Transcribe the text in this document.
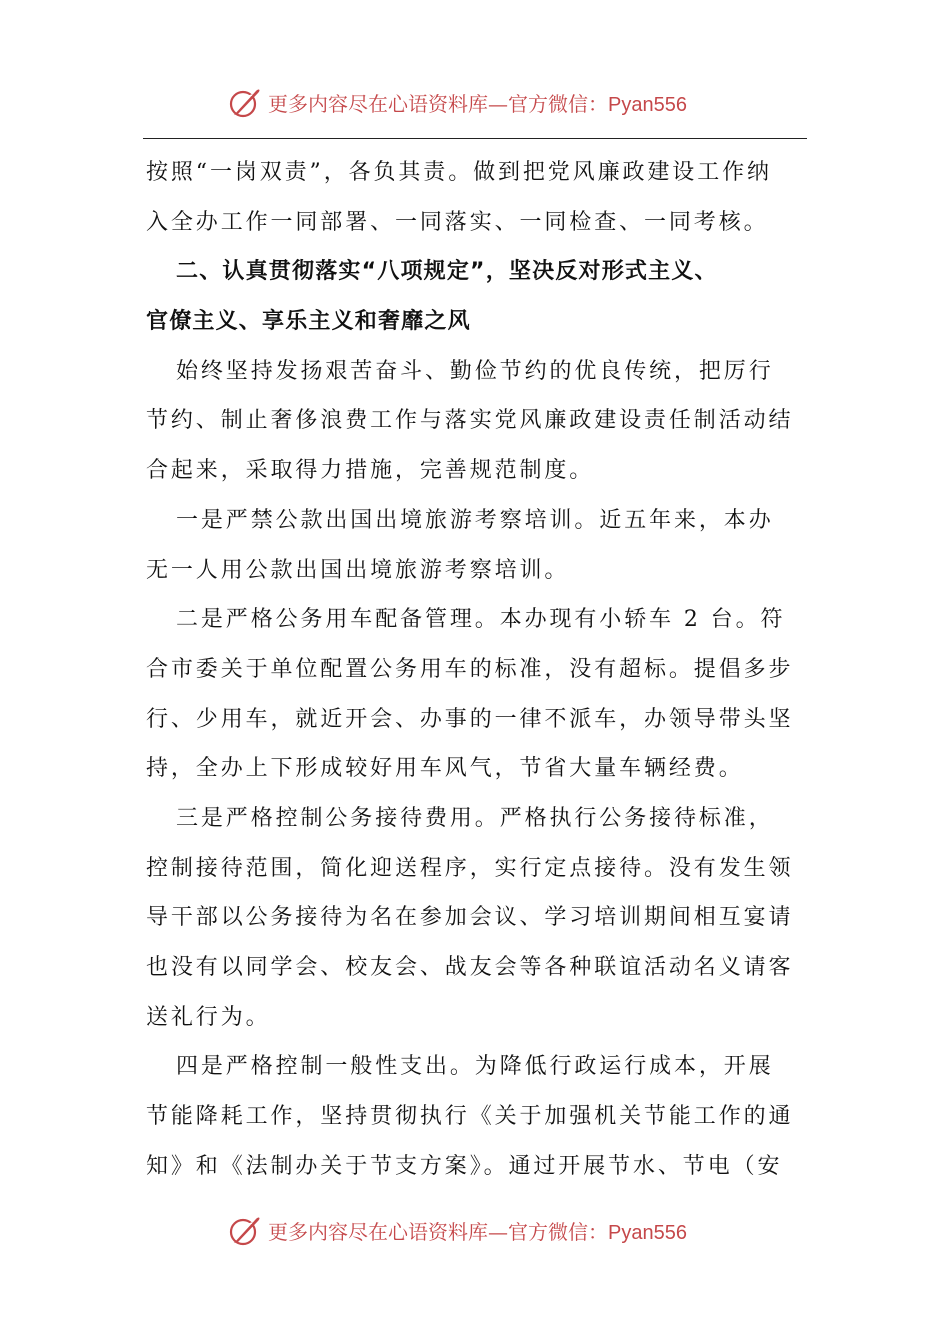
更多内容尽在心语资料库—官方微信：Pyan556
按照“一岗双责”，各负其责。做到把党风廉政建设工作纳
入全办工作一同部署、一同落实、一同检查、一同考核。
二、认真贯彻落实“八项规定”，坚决反对形式主义、
官僚主义、享乐主义和奢靡之风
始终坚持发扬艰苦奋斗、勤俭节约的优良传统，把厉行
节约、制止奢侈浪费工作与落实党风廉政建设责任制活动结
合起来，采取得力措施，完善规范制度。
一是严禁公款出国出境旅游考察培训。近五年来，本办
无一人用公款出国出境旅游考察培训。
二是严格公务用车配备管理。本办现有小轿车 2 台。符
合市委关于单位配置公务用车的标准，没有超标。提倡多步
行、少用车，就近开会、办事的一律不派车，办领导带头坚
持，全办上下形成较好用车风气，节省大量车辆经费。
三是严格控制公务接待费用。严格执行公务接待标准，
控制接待范围，简化迎送程序，实行定点接待。没有发生领
导干部以公务接待为名在参加会议、学习培训期间相互宴请
也没有以同学会、校友会、战友会等各种联谊活动名义请客
送礼行为。
四是严格控制一般性支出。为降低行政运行成本，开展
节能降耗工作，坚持贯彻执行《关于加强机关节能工作的通
知》和《法制办关于节支方案》。通过开展节水、节电（安
更多内容尽在心语资料库—官方微信：Pyan556
